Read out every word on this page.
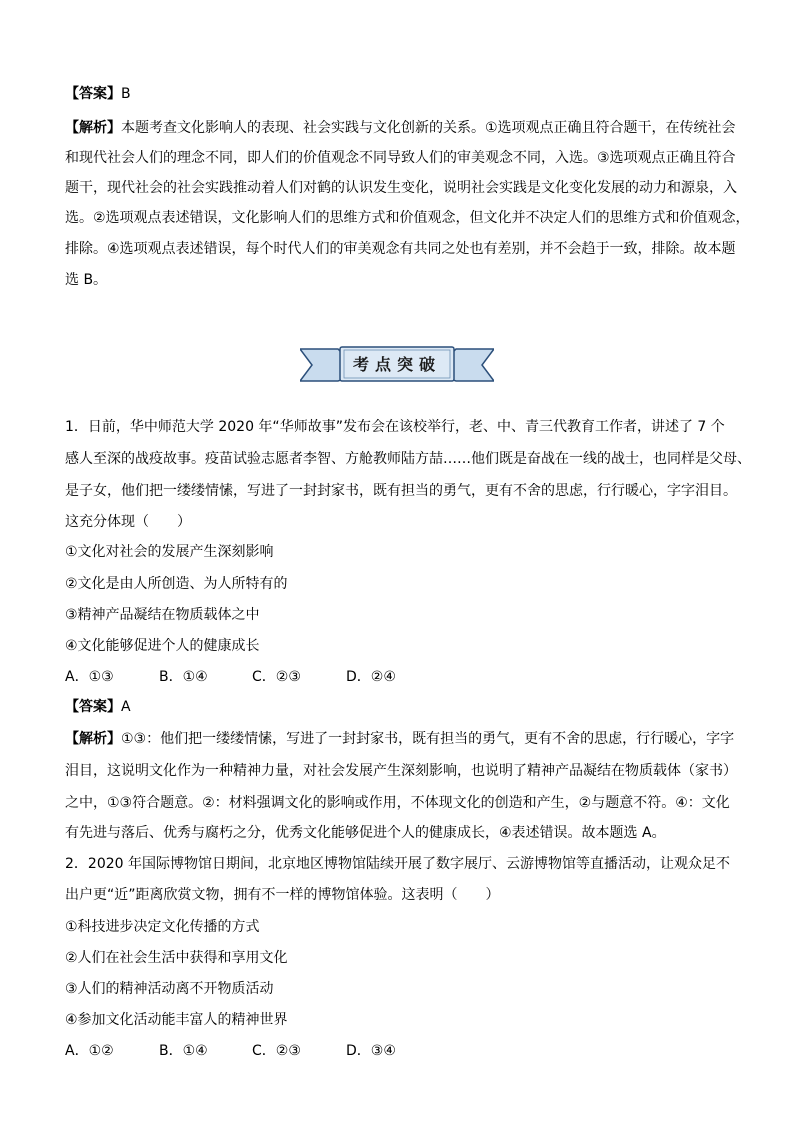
【答案】B
【解析】本题考查文化影响人的表现、社会实践与文化创新的关系。①选项观点正确且符合题干，在传统社会
和现代社会人们的理念不同，即人们的价值观念不同导致人们的审美观念不同，入选。③选项观点正确且符合
题干，现代社会的社会实践推动着人们对鹤的认识发生变化，说明社会实践是文化变化发展的动力和源泉，入
选。②选项观点表述错误，文化影响人们的思维方式和价值观念，但文化并不决定人们的思维方式和价值观念，
排除。④选项观点表述错误，每个时代人们的审美观念有共同之处也有差别，并不会趋于一致，排除。故本题
选 B。
考点突破
1．日前，华中师范大学 2020 年“华师故事”发布会在该校举行，老、中、青三代教育工作者，讲述了 7 个
感人至深的战疫故事。疫苗试验志愿者李智、方舱教师陆方喆……他们既是奋战在一线的战士，也同样是父母、
是子女，他们把一缕缕情愫，写进了一封封家书，既有担当的勇气，更有不舍的思虑，行行暖心，字字泪目。
这充分体现（　　）
①文化对社会的发展产生深刻影响
②文化是由人所创造、为人所特有的
③精神产品凝结在物质载体之中
④文化能够促进个人的健康成长
A．①③	B．①④	C．②③	D．②④
【答案】A
【解析】①③：他们把一缕缕情愫，写进了一封封家书，既有担当的勇气，更有不舍的思虑，行行暖心，字字
泪目，这说明文化作为一种精神力量，对社会发展产生深刻影响，也说明了精神产品凝结在物质载体（家书）
之中，①③符合题意。②：材料强调文化的影响或作用，不体现文化的创造和产生，②与题意不符。④：文化
有先进与落后、优秀与腐朽之分，优秀文化能够促进个人的健康成长，④表述错误。故本题选 A。
2．2020 年国际博物馆日期间，北京地区博物馆陆续开展了数字展厅、云游博物馆等直播活动，让观众足不
出户更“近”距离欣赏文物，拥有不一样的博物馆体验。这表明（　　）
①科技进步决定文化传播的方式
②人们在社会生活中获得和享用文化
③人们的精神活动离不开物质活动
④参加文化活动能丰富人的精神世界
A．①②	B．①④	C．②③	D．③④
